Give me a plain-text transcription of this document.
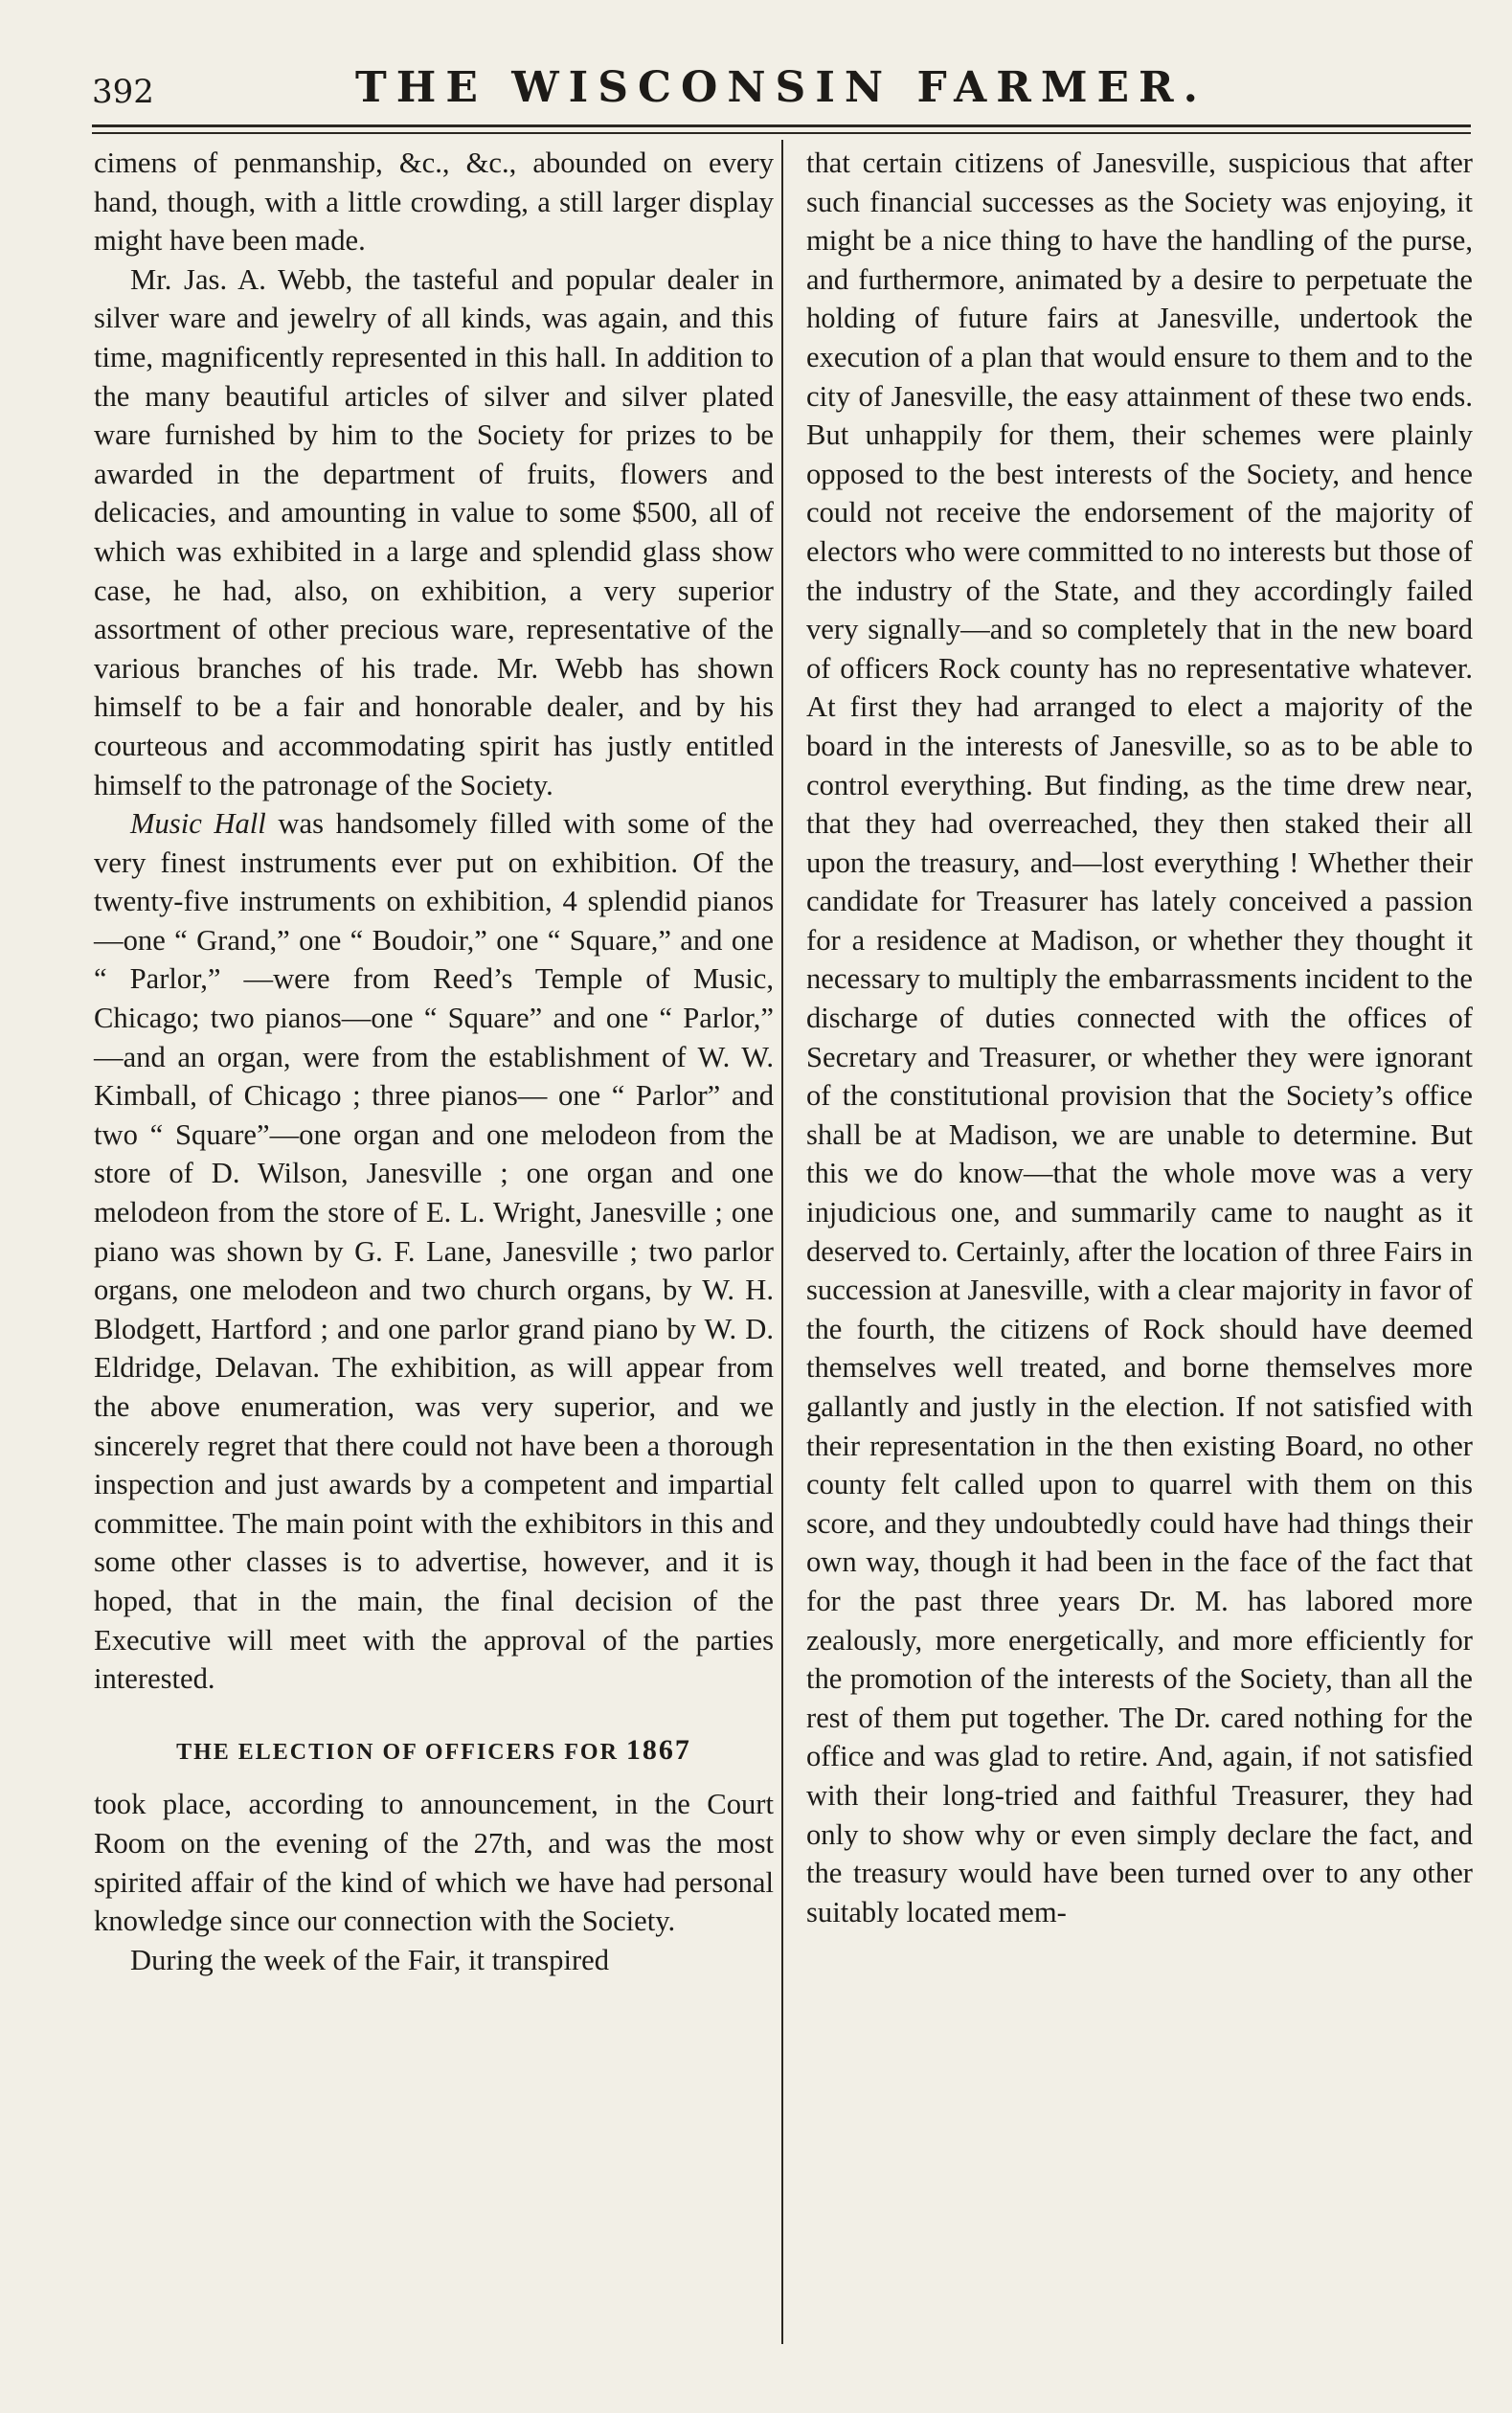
392	THE WISCONSIN FARMER.

cimens of penmanship, &c., &c., abounded on every hand, though, with a little crowding, a still larger display might have been made.

Mr. Jas. A. Webb, the tasteful and popular dealer in silver ware and jewelry of all kinds, was again, and this time, magnificently represented in this hall. In addition to the many beautiful articles of silver and silver plated ware furnished by him to the Society for prizes to be awarded in the department of fruits, flowers and delicacies, and amounting in value to some $500, all of which was exhibited in a large and splendid glass show case, he had, also, on exhibition, a very superior assortment of other precious ware, representative of the various branches of his trade. Mr. Webb has shown himself to be a fair and honorable dealer, and by his courteous and accommodating spirit has justly entitled himself to the patronage of the Society.

Music Hall was handsomely filled with some of the very finest instruments ever put on exhibition. Of the twenty-five instruments on exhibition, 4 splendid pianos—one “ Grand,” one “ Boudoir,” one “ Square,” and one “ Parlor,” —were from Reed’s Temple of Music, Chicago; two pianos—one “ Square” and one “ Parlor,” —and an organ, were from the establishment of W. W. Kimball, of Chicago ; three pianos— one “ Parlor” and two “ Square”—one organ and one melodeon from the store of D. Wilson, Janesville ; one organ and one melodeon from the store of E. L. Wright, Janesville ; one piano was shown by G. F. Lane, Janesville ; two parlor organs, one melodeon and two church organs, by W. H. Blodgett, Hartford ; and one parlor grand piano by W. D. Eldridge, Delavan. The exhibition, as will appear from the above enumeration, was very superior, and we sincerely regret that there could not have been a thorough inspection and just awards by a competent and impartial committee. The main point with the exhibitors in this and some other classes is to advertise, however, and it is hoped, that in the main, the final decision of the Executive will meet with the approval of the parties interested.

THE ELECTION OF OFFICERS FOR 1867

took place, according to announcement, in the Court Room on the evening of the 27th, and was the most spirited affair of the kind of which we have had personal knowledge since our connection with the Society.

During the week of the Fair, it transpired

that certain citizens of Janesville, suspicious that after such financial successes as the Society was enjoying, it might be a nice thing to have the handling of the purse, and furthermore, animated by a desire to perpetuate the holding of future fairs at Janesville, undertook the execution of a plan that would ensure to them and to the city of Janesville, the easy attainment of these two ends. But unhappily for them, their schemes were plainly opposed to the best interests of the Society, and hence could not receive the endorsement of the majority of electors who were committed to no interests but those of the industry of the State, and they accordingly failed very signally—and so completely that in the new board of officers Rock county has no representative whatever. At first they had arranged to elect a majority of the board in the interests of Janesville, so as to be able to control everything. But finding, as the time drew near, that they had overreached, they then staked their all upon the treasury, and—lost everything ! Whether their candidate for Treasurer has lately conceived a passion for a residence at Madison, or whether they thought it necessary to multiply the embarrassments incident to the discharge of duties connected with the offices of Secretary and Treasurer, or whether they were ignorant of the constitutional provision that the Society’s office shall be at Madison, we are unable to determine. But this we do know—that the whole move was a very injudicious one, and summarily came to naught as it deserved to. Certainly, after the location of three Fairs in succession at Janesville, with a clear majority in favor of the fourth, the citizens of Rock should have deemed themselves well treated, and borne themselves more gallantly and justly in the election. If not satisfied with their representation in the then existing Board, no other county felt called upon to quarrel with them on this score, and they undoubtedly could have had things their own way, though it had been in the face of the fact that for the past three years Dr. M. has labored more zealously, more energetically, and more efficiently for the promotion of the interests of the Society, than all the rest of them put together. The Dr. cared nothing for the office and was glad to retire. And, again, if not satisfied with their long-tried and faithful Treasurer, they had only to show why or even simply declare the fact, and the treasury would have been turned over to any other suitably located mem-
